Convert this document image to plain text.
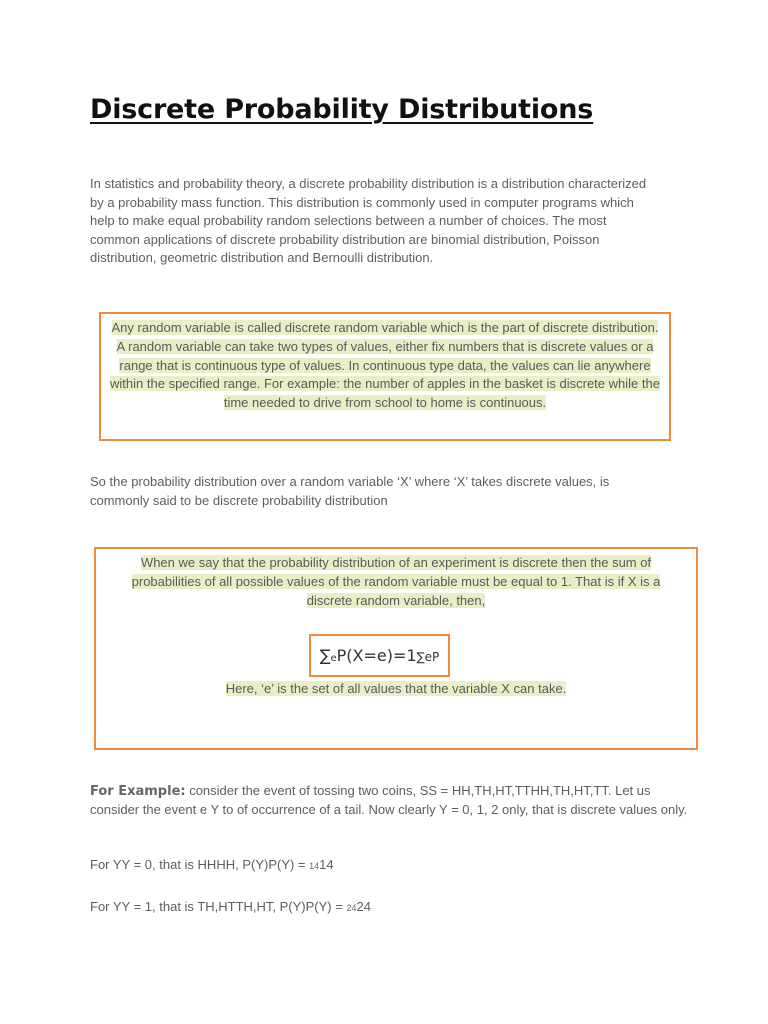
Discrete Probability Distributions

In statistics and probability theory, a discrete probability distribution is a distribution characterized by a probability mass function. This distribution is commonly used in computer programs which help to make equal probability random selections between a number of choices. The most common applications of discrete probability distribution are binomial distribution, Poisson distribution, geometric distribution and Bernoulli distribution.

Any random variable is called discrete random variable which is the part of discrete distribution. A random variable can take two types of values, either fix numbers that is discrete values or a range that is continuous type of values. In continuous type data, the values can lie anywhere within the specified range. For example: the number of apples in the basket is discrete while the time needed to drive from school to home is continuous.

So the probability distribution over a random variable ‘X’ where ‘X’ takes discrete values, is commonly said to be discrete probability distribution

When we say that the probability distribution of an experiment is discrete then the sum of probabilities of all possible values of the random variable must be equal to 1. That is if X is a discrete random variable, then,

Here, ‘e’ is the set of all values that the variable X can take.
∑eP(X=e)=1∑eP

For Example: consider the event of tossing two coins, SS = HH,TH,HT,TTHH,TH,HT,TT. Let us consider the event e Y to of occurrence of a tail. Now clearly Y = 0, 1, 2 only, that is discrete values only.

For YY = 0, that is HHHH, P(Y)P(Y) = 1414

For YY = 1, that is TH,HTTH,HT, P(Y)P(Y) = 2424
